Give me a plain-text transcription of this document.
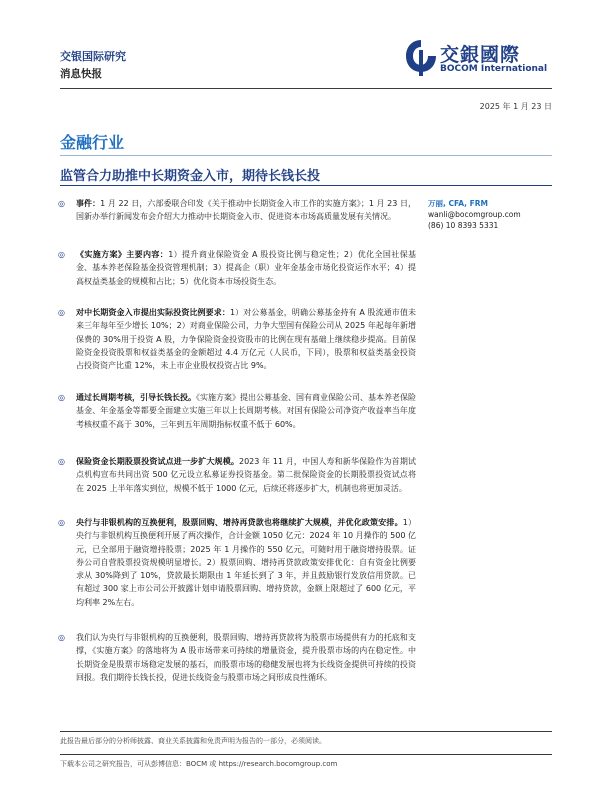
交银国际研究
消息快报
交銀國際
BOCOM International
2025 年 1 月 23 日
金融行业
监管合力助推中长期资金入市，期待长钱长投
万丽, CFA, FRM
wanli@bocomgroup.com
(86) 10 8393 5331
◎ 事件：1 月 22 日，六部委联合印发《关于推动中长期资金入市工作的实施方案》；1 月 23 日，国新办举行新闻发布会介绍大力推动中长期资金入市、促进资本市场高质量发展有关情况。
◎ 《实施方案》主要内容：1）提升商业保险资金 A 股投资比例与稳定性；2）优化全国社保基金、基本养老保险基金投资管理机制；3）提高企（职）业年金基金市场化投资运作水平；4）提高权益类基金的规模和占比；5）优化资本市场投资生态。
◎ 对中长期资金入市提出实际投资比例要求：1）对公募基金，明确公募基金持有 A 股流通市值未来三年每年至少增长 10%；2）对商业保险公司，力争大型国有保险公司从 2025 年起每年新增保费的 30%用于投资 A 股，力争保险资金投资股市的比例在现有基础上继续稳步提高。目前保险资金投资股票和权益类基金的金额超过 4.4 万亿元（人民币，下同），股票和权益类基金投资占投资资产比重 12%，未上市企业股权投资占比 9%。
◎ 通过长周期考核，引导长钱长投。《实施方案》提出公募基金、国有商业保险公司、基本养老保险基金、年金基金等都要全面建立实施三年以上长周期考核。对国有保险公司净资产收益率当年度考核权重不高于 30%，三年到五年周期指标权重不低于 60%。
◎ 保险资金长期股票投资试点进一步扩大规模。2023 年 11 月，中国人寿和新华保险作为首期试点机构宣布共同出资 500 亿元设立私募证券投资基金。第二批保险资金的长期股票投资试点将在 2025 上半年落实到位，规模不低于 1000 亿元，后续还将逐步扩大，机制也将更加灵活。
◎ 央行与非银机构的互换便利，股票回购、增持再贷款也将继续扩大规模，并优化政策安排。1）央行与非银机构互换便利开展了两次操作，合计金额 1050 亿元：2024 年 10 月操作的 500 亿元，已全部用于融资增持股票；2025 年 1 月操作的 550 亿元，可随时用于融资增持股票。证券公司自营股票投资规模明显增长。2）股票回购、增持再贷款政策安排优化：自有资金比例要求从 30%降到了 10%，贷款最长期限由 1 年延长到了 3 年，并且鼓励银行发放信用贷款。已有超过 300 家上市公司公开披露计划申请股票回购、增持贷款，金额上限超过了 600 亿元，平均利率 2%左右。
◎ 我们认为央行与非银机构的互换便利，股票回购、增持再贷款将为股票市场提供有力的托底和支撑，《实施方案》的落地将为 A 股市场带来可持续的增量资金，提升股票市场的内在稳定性。中长期资金是股票市场稳定发展的基石，而股票市场的稳健发展也将为长线资金提供可持续的投资回报。我们期待长钱长投，促进长线资金与股票市场之间形成良性循环。
此报告最后部分的分析师披露、商业关系披露和免责声明为报告的一部分，必须阅读。
下载本公司之研究报告，可从彭博信息：BOCM 或 https://research.bocomgroup.com
